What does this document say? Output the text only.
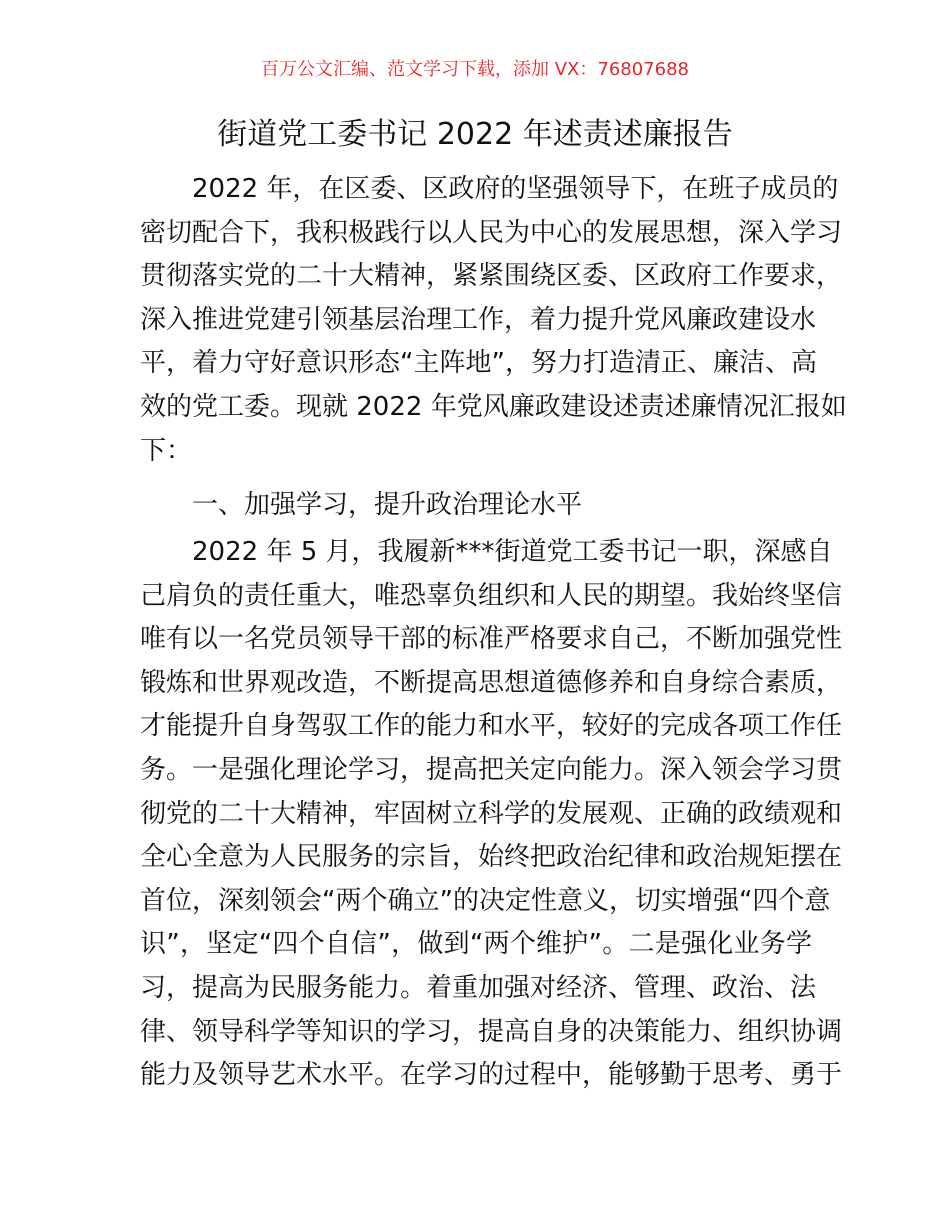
百万公文汇编、范文学习下载，添加 VX：76807688
街道党工委书记 2022 年述责述廉报告
2022 年，在区委、区政府的坚强领导下，在班子成员的
密切配合下，我积极践行以人民为中心的发展思想，深入学习
贯彻落实党的二十大精神，紧紧围绕区委、区政府工作要求，
深入推进党建引领基层治理工作，着力提升党风廉政建设水
平，着力守好意识形态“主阵地”，努力打造清正、廉洁、高
效的党工委。现就 2022 年党风廉政建设述责述廉情况汇报如
下：
一、加强学习，提升政治理论水平
2022 年 5 月，我履新***街道党工委书记一职，深感自
己肩负的责任重大，唯恐辜负组织和人民的期望。我始终坚信
唯有以一名党员领导干部的标准严格要求自己，不断加强党性
锻炼和世界观改造，不断提高思想道德修养和自身综合素质，
才能提升自身驾驭工作的能力和水平，较好的完成各项工作任
务。一是强化理论学习，提高把关定向能力。深入领会学习贯
彻党的二十大精神，牢固树立科学的发展观、正确的政绩观和
全心全意为人民服务的宗旨，始终把政治纪律和政治规矩摆在
首位，深刻领会“两个确立”的决定性意义，切实增强“四个意
识”，坚定“四个自信”，做到“两个维护”。二是强化业务学
习，提高为民服务能力。着重加强对经济、管理、政治、法
律、领导科学等知识的学习，提高自身的决策能力、组织协调
能力及领导艺术水平。在学习的过程中，能够勤于思考、勇于
